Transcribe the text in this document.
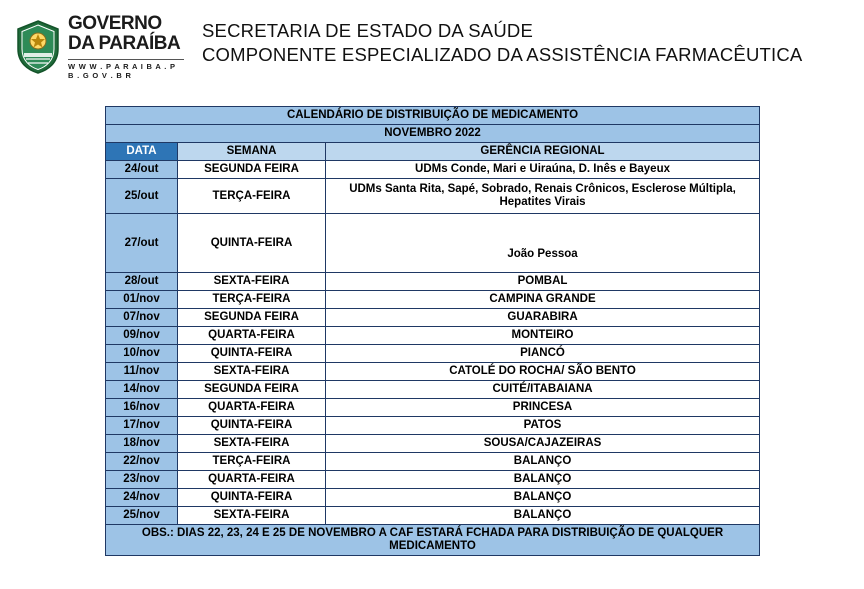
GOVERNO
DA PARAÍBA
W W W . P A R A I B A . P B . G O V . B R
SECRETARIA DE ESTADO DA SAÚDE
COMPONENTE ESPECIALIZADO DA ASSISTÊNCIA FARMACÊUTICA
CALENDÁRIO DE DISTRIBUIÇÃO DE MEDICAMENTO		
NOVEMBRO 2022		
DATA	SEMANA	GERÊNCIA REGIONAL
24/out	SEGUNDA FEIRA	UDMs Conde, Mari e Uiraúna, D. Inês e Bayeux
25/out	TERÇA-FEIRA	UDMs Santa Rita, Sapé, Sobrado, Renais Crônicos, Esclerose Múltipla, Hepatites Virais
27/out	QUINTA-FEIRA	João Pessoa

28/out	SEXTA-FEIRA	POMBAL
01/nov	TERÇA-FEIRA	CAMPINA GRANDE
07/nov	SEGUNDA FEIRA	GUARABIRA
09/nov	QUARTA-FEIRA	MONTEIRO
10/nov	QUINTA-FEIRA	PIANCÓ
11/nov	SEXTA-FEIRA	CATOLÉ DO ROCHA/ SÃO BENTO
14/nov	SEGUNDA FEIRA	CUITÉ/ITABAIANA
16/nov	QUARTA-FEIRA	PRINCESA
17/nov	QUINTA-FEIRA	PATOS
18/nov	SEXTA-FEIRA	SOUSA/CAJAZEIRAS
22/nov	TERÇA-FEIRA	BALANÇO
23/nov	QUARTA-FEIRA	BALANÇO
24/nov	QUINTA-FEIRA	BALANÇO
25/nov	SEXTA-FEIRA	BALANÇO
OBS.: DIAS 22, 23, 24 E 25 DE NOVEMBRO A CAF ESTARÁ FCHADA PARA DISTRIBUIÇÃO DE QUALQUER MEDICAMENTO		
